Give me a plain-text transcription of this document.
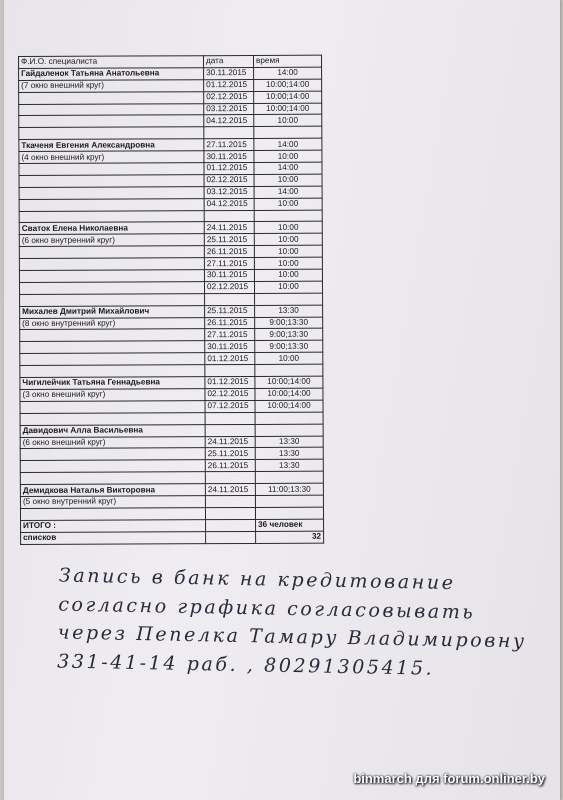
Ф.И.О. специалиста	дата	время
Гайдаленок Татьяна Анатольевна	30.11.2015	14:00
(7 окно внешний круг)	01.12.2015	10:00;14:00
	02.12.2015	10:00;14:00
	03.12.2015	10:00;14:00
	04.12.2015	10:00

Ткаченя Евгения Александровна	27.11.2015	14:00
(4 окно внешний круг)	30.11.2015	10:00
	01.12.2015	14:00
	02.12.2015	10:00
	03.12.2015	14:00
	04.12.2015	10:00

Сваток Елена Николаевна	24.11.2015	10:00
(6 окно внутренний круг)	25.11.2015	10:00
	26.11.2015	10:00
	27.11.2015	10:00
	30.11.2015	10:00
	02.12.2015	10:00

Михалев Дмитрий Михайлович	25.11.2015	13:30
(8 окно внутренний круг)	26.11.2015	9:00;13:30
	27.11.2015	9:00;13:30
	30.11.2015	9:00;13:30
	01.12.2015	10:00

Чигилейчик Татьяна Геннадьевна	01.12.2015	10:00;14:00
(3 окно внешний круг)	02.12.2015	10:00;14:00
	07.12.2015	10:00;14:00

Давидович Алла Васильевна		
(6 окно внешний круг)	24.11.2015	13:30
	25.11.2015	13:30
	26.11.2015	13:30

Демидкова Наталья Викторовна	24.11.2015	11:00;13:30
(5 окно внутренний круг)		

ИТОГО :		36 человек
списков		32
Запись в банк на кредитование
согласно графика согласовывать
через Пепелка Тамару Владимировну
331-41-14 раб. , 80291305415.
binmarch для forum.onliner.by
